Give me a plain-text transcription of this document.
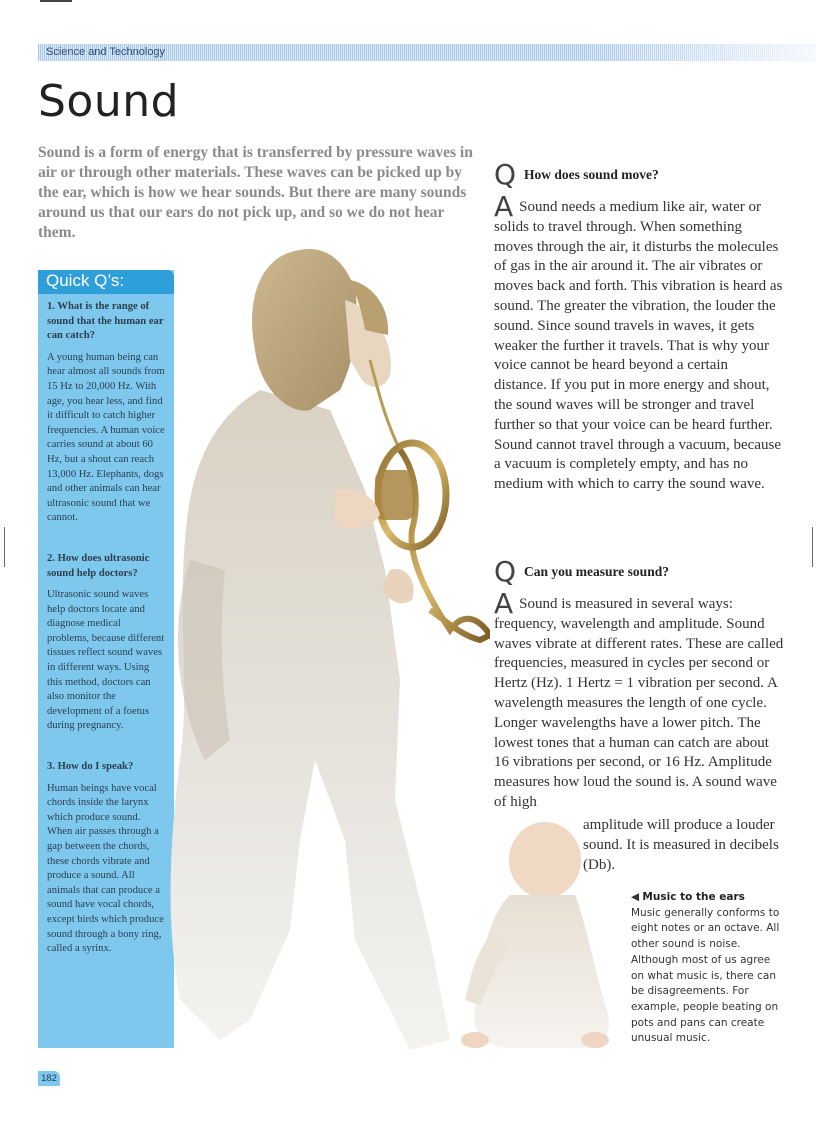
Science and Technology
Sound

Sound is a form of energy that is transferred by pressure waves in air or through other materials. These waves can be picked up by the ear, which is how we hear sounds. But there are many sounds around us that our ears do not pick up, and so we do not hear them.

Quick Q’s:

1. What is the range of sound that the human ear can catch?

A young human being can hear almost all sounds from 15 Hz to 20,000 Hz. With age, you hear less, and find it difficult to catch higher frequencies. A human voice carries sound at about 60 Hz, but a shout can reach 13,000 Hz. Elephants, dogs and other animals can hear ultrasonic sound that we cannot.

2. How does ultrasonic sound help doctors?

Ultrasonic sound waves help doctors locate and diagnose medical problems, because different tissues reflect sound waves in different ways. Using this method, doctors can also monitor the development of a foetus during pregnancy.

3. How do I speak?

Human beings have vocal chords inside the larynx which produce sound. When air passes through a gap between the chords, these chords vibrate and produce a sound. All animals that can produce a sound have vocal chords, except birds which produce sound through a bony ring, called a syrinx.

Q How does sound move?

A Sound needs a medium like air, water or solids to travel through. When something moves through the air, it disturbs the molecules of gas in the air around it. The air vibrates or moves back and forth. This vibration is heard as sound. The greater the vibration, the louder the sound. Since sound travels in waves, it gets weaker the further it travels. That is why your voice cannot be heard beyond a certain distance. If you put in more energy and shout, the sound waves will be stronger and travel further so that your voice can be heard further. Sound cannot travel through a vacuum, because a vacuum is completely empty, and has no medium with which to carry the sound wave.

Q Can you measure sound?

A Sound is measured in several ways: frequency, wavelength and amplitude. Sound waves vibrate at different rates. These are called frequencies, measured in cycles per second or Hertz (Hz). 1 Hertz = 1 vibration per second. A wavelength measures the length of one cycle. Longer wavelengths have a lower pitch. The lowest tones that a human can catch are about 16 vibrations per second, or 16 Hz. Amplitude measures how loud the sound is. A sound wave of high

amplitude will produce a louder sound. It is measured in decibels (Db).

◀ Music to the ears

Music generally conforms to eight notes or an octave. All other sound is noise. Although most of us agree on what music is, there can be disagreements. For example, people beating on pots and pans can create unusual music.

182
